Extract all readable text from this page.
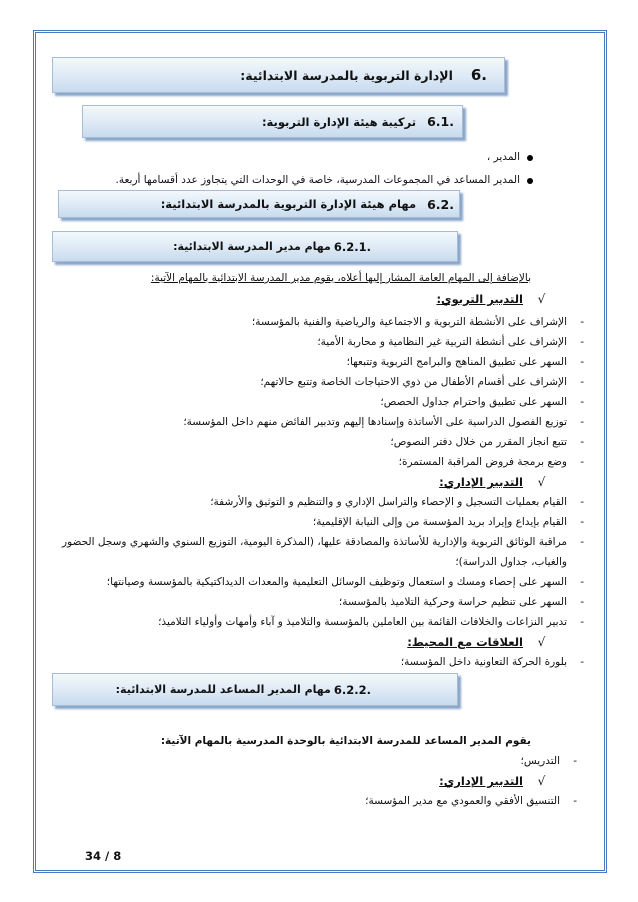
6.
الإدارة التربوية بالمدرسة الابتدائية:
6.1.
تركيبة هيئة الإدارة التربوية:
المدير ،
المدير المساعد في المجموعات المدرسية، خاصة في الوحدات التي يتجاوز عدد أقسامها أربعة.
6.2.
مهام هيئة الإدارة التربوية بالمدرسة الابتدائية:
6.2.1.
مهام مدير المدرسة الابتدائية:

بالإضافة إلى المهام العامة المشار إليها أعلاه، يقوم مدير المدرسة الابتدائية بالمهام الآتية:

√
التدبير التربوي:
- الإشراف على الأنشطة التربوية و الاجتماعية والرياضية والفنية بالمؤسسة؛
- الإشراف على أنشطة التربية غير النظامية و محاربة الأمية؛
- السهر على تطبيق المناهج والبرامج التربوية وتتبعها؛
- الإشراف على أقسام الأطفال من ذوي الاحتياجات الخاصة وتتبع حالاتهم؛
- السهر على تطبيق واحترام جداول الحصص؛
- توزيع الفصول الدراسية على الأساتذة وإسنادها إليهم وتدبير الفائض منهم داخل المؤسسة؛
- تتبع انجاز المقرر من خلال دفتر النصوص؛
- وضع برمجة فروض المراقبة المستمرة؛
√
التدبير الإداري:
- القيام بعمليات التسجيل و الإحصاء والتراسل الإداري و والتنظيم و التوثيق والأرشفة؛
- القيام بإيداع وإيراد بريد المؤسسة من وإلى النيابة الإقليمية؛
- مراقبة الوثائق التربوية والإدارية للأساتذة والمصادقة عليها، (المذكرة اليومية، التوزيع السنوي والشهري وسجل الحضور والغياب، جداول الدراسة)؛
- السهر على إحصاء ومسك و استعمال وتوظيف الوسائل التعليمية والمعدات الديداكتيكية بالمؤسسة وصيانتها؛
- السهر على تنظيم حراسة وحركية التلاميذ بالمؤسسة؛
- تدبير النزاعات والخلافات القائمة بين العاملين بالمؤسسة والتلاميذ و آباء وأمهات وأولياء التلاميذ؛
√
العلاقات مع المحيط:
- بلورة الحركة التعاونية داخل المؤسسة؛
6.2.2.
مهام المدير المساعد للمدرسة الابتدائية:

يقوم المدير المساعد للمدرسة الابتدائية بالوحدة المدرسية بالمهام الآتية:

- التدريس؛
√
التدبير الإداري:
- التنسيق الأفقي والعمودي مع مدير المؤسسة؛
34 / 8
